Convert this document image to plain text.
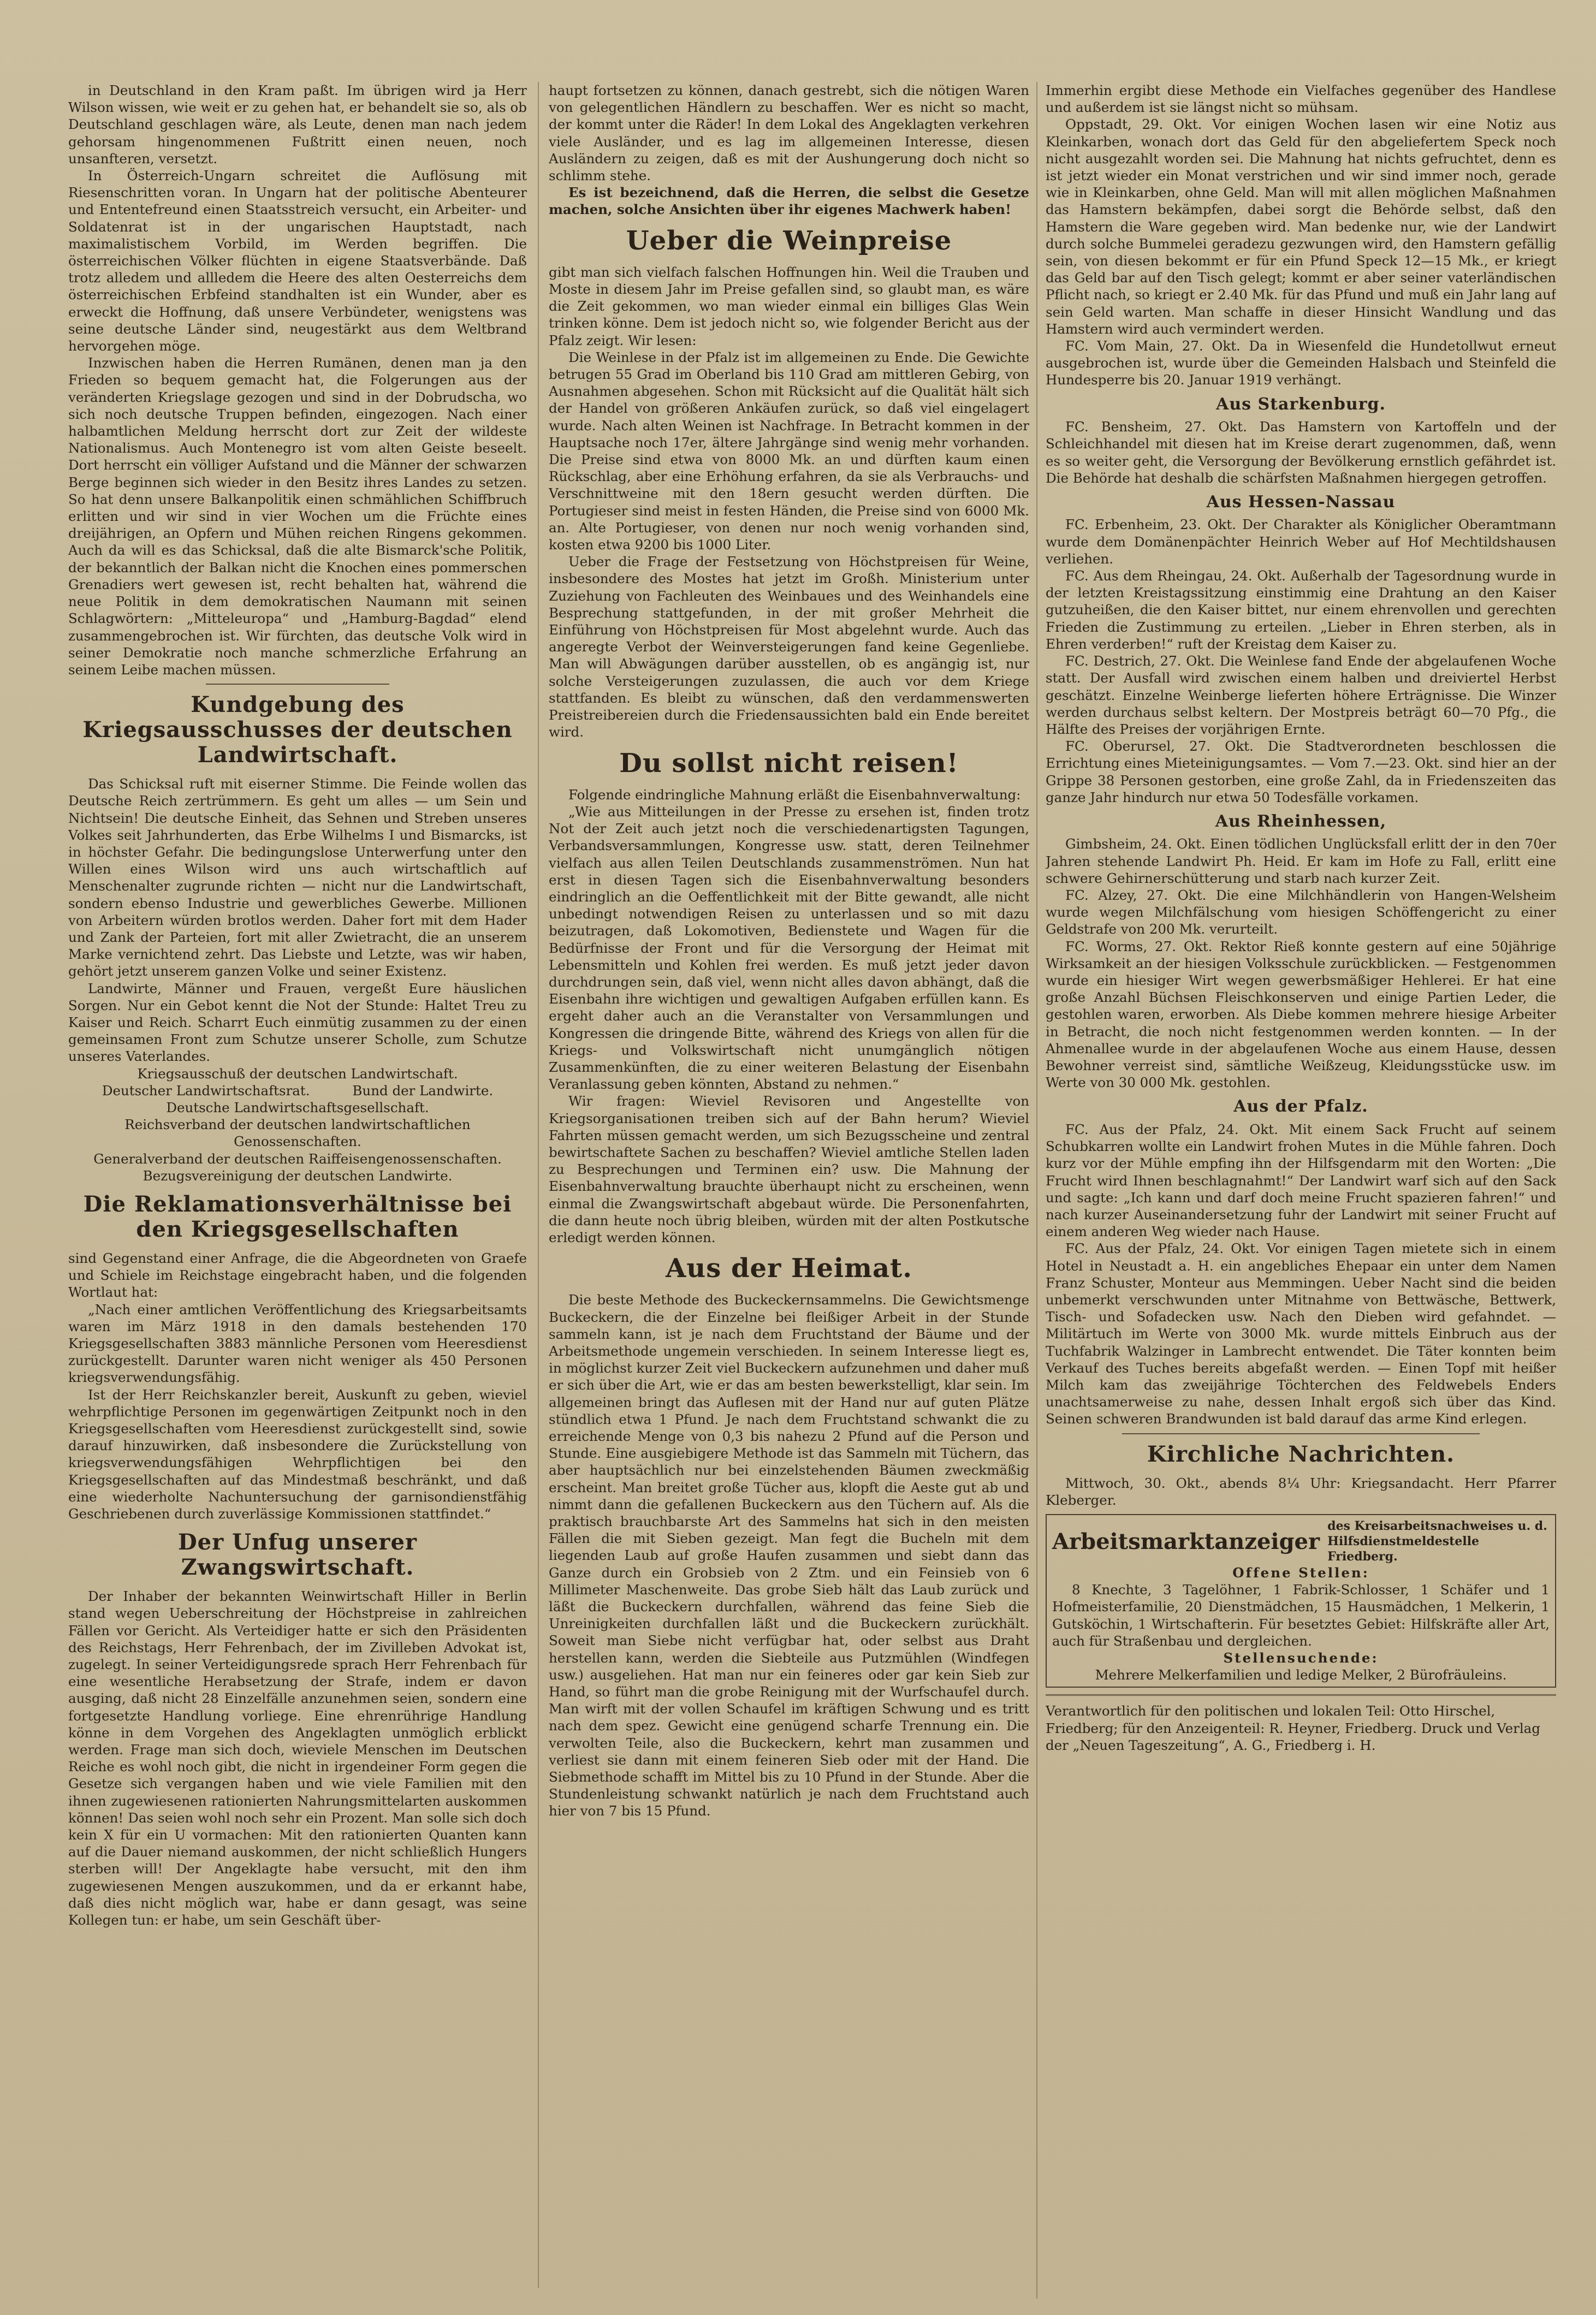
in Deutschland in den Kram paßt. Im übrigen wird ja Herr Wilson wissen, wie weit er zu gehen hat, er behandelt sie so, als ob Deutschland geschlagen wäre, als Leute, denen man nach jedem gehorsam hingenommenen Fußtritt einen neuen, noch unsanfteren, versetzt.

In Österreich-Ungarn schreitet die Auflösung mit Riesenschritten voran. In Ungarn hat der politische Abenteurer und Ententefreund einen Staatsstreich versucht, ein Arbeiter- und Soldatenrat ist in der ungarischen Hauptstadt, nach maximalistischem Vorbild, im Werden begriffen. Die österreichischen Völker flüchten in eigene Staatsverbände. Daß trotz alledem und allledem die Heere des alten Oesterreichs dem österreichischen Erbfeind standhalten ist ein Wunder, aber es erweckt die Hoffnung, daß unsere Verbündeter, wenigstens was seine deutsche Länder sind, neugestärkt aus dem Weltbrand hervorgehen möge.

Inzwischen haben die Herren Rumänen, denen man ja den Frieden so bequem gemacht hat, die Folgerungen aus der veränderten Kriegslage gezogen und sind in der Dobrudscha, wo sich noch deutsche Truppen befinden, eingezogen. Nach einer halbamtlichen Meldung herrscht dort zur Zeit der wildeste Nationalismus. Auch Montenegro ist vom alten Geiste beseelt. Dort herrscht ein völliger Aufstand und die Männer der schwarzen Berge beginnen sich wieder in den Besitz ihres Landes zu setzen. So hat denn unsere Balkanpolitik einen schmählichen Schiffbruch erlitten und wir sind in vier Wochen um die Früchte eines dreijährigen, an Opfern und Mühen reichen Ringens gekommen. Auch da will es das Schicksal, daß die alte Bismarck'sche Politik, der bekanntlich der Balkan nicht die Knochen eines pommerschen Grenadiers wert gewesen ist, recht behalten hat, während die neue Politik in dem demokratischen Naumann mit seinen Schlagwörtern: „Mitteleuropa“ und „Hamburg-Bagdad“ elend zusammengebrochen ist. Wir fürchten, das deutsche Volk wird in seiner Demokratie noch manche schmerzliche Erfahrung an seinem Leibe machen müssen.

Kundgebung des Kriegsausschusses der deutschen Landwirtschaft.

Das Schicksal ruft mit eiserner Stimme. Die Feinde wollen das Deutsche Reich zertrümmern. Es geht um alles — um Sein und Nichtsein! Die deutsche Einheit, das Sehnen und Streben unseres Volkes seit Jahrhunderten, das Erbe Wilhelms I und Bismarcks, ist in höchster Gefahr. Die bedingungslose Unterwerfung unter den Willen eines Wilson wird uns auch wirtschaftlich auf Menschenalter zugrunde richten — nicht nur die Landwirtschaft, sondern ebenso Industrie und gewerbliches Gewerbe. Millionen von Arbeitern würden brotlos werden. Daher fort mit dem Hader und Zank der Parteien, fort mit aller Zwietracht, die an unserem Marke vernichtend zehrt. Das Liebste und Letzte, was wir haben, gehört jetzt unserem ganzen Volke und seiner Existenz.

Landwirte, Männer und Frauen, vergeßt Eure häuslichen Sorgen. Nur ein Gebot kennt die Not der Stunde: Haltet Treu zu Kaiser und Reich. Scharrt Euch einmütig zusammen zu der einen gemeinsamen Front zum Schutze unserer Scholle, zum Schutze unseres Vaterlandes.

Kriegsausschuß der deutschen Landwirtschaft.

Deutscher Landwirtschaftsrat.          Bund der Landwirte.

Deutsche Landwirtschaftsgesellschaft.

Reichsverband der deutschen landwirtschaftlichen Genossenschaften.

Generalverband der deutschen Raiffeisengenossenschaften.

Bezugsvereinigung der deutschen Landwirte.

Die Reklamationsverhältnisse bei den Kriegsgesellschaften

sind Gegenstand einer Anfrage, die die Abgeordneten von Graefe und Schiele im Reichstage eingebracht haben, und die folgenden Wortlaut hat:

„Nach einer amtlichen Veröffentlichung des Kriegsarbeitsamts waren im März 1918 in den damals bestehenden 170 Kriegsgesellschaften 3883 männliche Personen vom Heeresdienst zurückgestellt. Darunter waren nicht weniger als 450 Personen kriegsverwendungsfähig.

Ist der Herr Reichskanzler bereit, Auskunft zu geben, wieviel wehrpflichtige Personen im gegenwärtigen Zeitpunkt noch in den Kriegsgesellschaften vom Heeresdienst zurückgestellt sind, sowie darauf hinzuwirken, daß insbesondere die Zurückstellung von kriegsverwendungsfähigen Wehrpflichtigen bei den Kriegsgesellschaften auf das Mindestmaß beschränkt, und daß eine wiederholte Nachuntersuchung der garnisondienstfähig Geschriebenen durch zuverlässige Kommissionen stattfindet.“

Der Unfug unserer Zwangswirtschaft.

Der Inhaber der bekannten Weinwirtschaft Hiller in Berlin stand wegen Ueberschreitung der Höchstpreise in zahlreichen Fällen vor Gericht. Als Verteidiger hatte er sich den Präsidenten des Reichstags, Herr Fehrenbach, der im Zivilleben Advokat ist, zugelegt. In seiner Verteidigungsrede sprach Herr Fehrenbach für eine wesentliche Herabsetzung der Strafe, indem er davon ausging, daß nicht 28 Einzelfälle anzunehmen seien, sondern eine fortgesetzte Handlung vorliege. Eine ehrenrührige Handlung könne in dem Vorgehen des Angeklagten unmöglich erblickt werden. Frage man sich doch, wieviele Menschen im Deutschen Reiche es wohl noch gibt, die nicht in irgendeiner Form gegen die Gesetze sich vergangen haben und wie viele Familien mit den ihnen zugewiesenen rationierten Nahrungsmittelarten auskommen können! Das seien wohl noch sehr ein Prozent. Man solle sich doch kein X für ein U vormachen: Mit den rationierten Quanten kann auf die Dauer niemand auskommen, der nicht schließlich Hungers sterben will! Der Angeklagte habe versucht, mit den ihm zugewiesenen Mengen auszukommen, und da er erkannt habe, daß dies nicht möglich war, habe er dann gesagt, was seine Kollegen tun: er habe, um sein Geschäft über-

haupt fortsetzen zu können, danach gestrebt, sich die nötigen Waren von gelegentlichen Händlern zu beschaffen. Wer es nicht so macht, der kommt unter die Räder! In dem Lokal des Angeklagten verkehren viele Ausländer, und es lag im allgemeinen Interesse, diesen Ausländern zu zeigen, daß es mit der Aushungerung doch nicht so schlimm stehe.

Es ist bezeichnend, daß die Herren, die selbst die Gesetze machen, solche Ansichten über ihr eigenes Machwerk haben!

Ueber die Weinpreise

gibt man sich vielfach falschen Hoffnungen hin. Weil die Trauben und Moste in diesem Jahr im Preise gefallen sind, so glaubt man, es wäre die Zeit gekommen, wo man wieder einmal ein billiges Glas Wein trinken könne. Dem ist jedoch nicht so, wie folgender Bericht aus der Pfalz zeigt. Wir lesen:

Die Weinlese in der Pfalz ist im allgemeinen zu Ende. Die Gewichte betrugen 55 Grad im Oberland bis 110 Grad am mittleren Gebirg, von Ausnahmen abgesehen. Schon mit Rücksicht auf die Qualität hält sich der Handel von größeren Ankäufen zurück, so daß viel eingelagert wurde. Nach alten Weinen ist Nachfrage. In Betracht kommen in der Hauptsache noch 17er, ältere Jahrgänge sind wenig mehr vorhanden. Die Preise sind etwa von 8000 Mk. an und dürften kaum einen Rückschlag, aber eine Erhöhung erfahren, da sie als Verbrauchs- und Verschnittweine mit den 18ern gesucht werden dürften. Die Portugieser sind meist in festen Händen, die Preise sind von 6000 Mk. an. Alte Portugieser, von denen nur noch wenig vorhanden sind, kosten etwa 9200 bis 1000 Liter.

Ueber die Frage der Festsetzung von Höchstpreisen für Weine, insbesondere des Mostes hat jetzt im Großh. Ministerium unter Zuziehung von Fachleuten des Weinbaues und des Weinhandels eine Besprechung stattgefunden, in der mit großer Mehrheit die Einführung von Höchstpreisen für Most abgelehnt wurde. Auch das angeregte Verbot der Weinversteigerungen fand keine Gegenliebe. Man will Abwägungen darüber ausstellen, ob es angängig ist, nur solche Versteigerungen zuzulassen, die auch vor dem Kriege stattfanden. Es bleibt zu wünschen, daß den verdammenswerten Preistreibereien durch die Friedensaussichten bald ein Ende bereitet wird.

Du sollst nicht reisen!

Folgende eindringliche Mahnung erläßt die Eisenbahnverwaltung:

„Wie aus Mitteilungen in der Presse zu ersehen ist, finden trotz Not der Zeit auch jetzt noch die verschiedenartigsten Tagungen, Verbandsversammlungen, Kongresse usw. statt, deren Teilnehmer vielfach aus allen Teilen Deutschlands zusammenströmen. Nun hat erst in diesen Tagen sich die Eisenbahnverwaltung besonders eindringlich an die Oeffentlichkeit mit der Bitte gewandt, alle nicht unbedingt notwendigen Reisen zu unterlassen und so mit dazu beizutragen, daß Lokomotiven, Bedienstete und Wagen für die Bedürfnisse der Front und für die Versorgung der Heimat mit Lebensmitteln und Kohlen frei werden. Es muß jetzt jeder davon durchdrungen sein, daß viel, wenn nicht alles davon abhängt, daß die Eisenbahn ihre wichtigen und gewaltigen Aufgaben erfüllen kann. Es ergeht daher auch an die Veranstalter von Versammlungen und Kongressen die dringende Bitte, während des Kriegs von allen für die Kriegs- und Volkswirtschaft nicht unumgänglich nötigen Zusammenkünften, die zu einer weiteren Belastung der Eisenbahn Veranlassung geben könnten, Abstand zu nehmen.“

Wir fragen: Wieviel Revisoren und Angestellte von Kriegsorganisationen treiben sich auf der Bahn herum? Wieviel Fahrten müssen gemacht werden, um sich Bezugsscheine und zentral bewirtschaftete Sachen zu beschaffen? Wieviel amtliche Stellen laden zu Besprechungen und Terminen ein? usw. Die Mahnung der Eisenbahnverwaltung brauchte überhaupt nicht zu erscheinen, wenn einmal die Zwangswirtschaft abgebaut würde. Die Personenfahrten, die dann heute noch übrig bleiben, würden mit der alten Postkutsche erledigt werden können.

Aus der Heimat.

Die beste Methode des Buckeckernsammelns. Die Gewichtsmenge Buckeckern, die der Einzelne bei fleißiger Arbeit in der Stunde sammeln kann, ist je nach dem Fruchtstand der Bäume und der Arbeitsmethode ungemein verschieden. In seinem Interesse liegt es, in möglichst kurzer Zeit viel Buckeckern aufzunehmen und daher muß er sich über die Art, wie er das am besten bewerkstelligt, klar sein. Im allgemeinen bringt das Auflesen mit der Hand nur auf guten Plätze stündlich etwa 1 Pfund. Je nach dem Fruchtstand schwankt die zu erreichende Menge von 0,3 bis nahezu 2 Pfund auf die Person und Stunde. Eine ausgiebigere Methode ist das Sammeln mit Tüchern, das aber hauptsächlich nur bei einzelstehenden Bäumen zweckmäßig erscheint. Man breitet große Tücher aus, klopft die Aeste gut ab und nimmt dann die gefallenen Buckeckern aus den Tüchern auf. Als die praktisch brauchbarste Art des Sammelns hat sich in den meisten Fällen die mit Sieben gezeigt. Man fegt die Bucheln mit dem liegenden Laub auf große Haufen zusammen und siebt dann das Ganze durch ein Grobsieb von 2 Ztm. und ein Feinsieb von 6 Millimeter Maschenweite. Das grobe Sieb hält das Laub zurück und läßt die Buckeckern durchfallen, während das feine Sieb die Unreinigkeiten durchfallen läßt und die Buckeckern zurückhält. Soweit man Siebe nicht verfügbar hat, oder selbst aus Draht herstellen kann, werden die Siebteile aus Putzmühlen (Windfegen usw.) ausgeliehen. Hat man nur ein feineres oder gar kein Sieb zur Hand, so führt man die grobe Reinigung mit der Wurfschaufel durch. Man wirft mit der vollen Schaufel im kräftigen Schwung und es tritt nach dem spez. Gewicht eine genügend scharfe Trennung ein. Die verwolten Teile, also die Buckeckern, kehrt man zusammen und verliest sie dann mit einem feineren Sieb oder mit der Hand. Die Siebmethode schafft im Mittel bis zu 10 Pfund in der Stunde. Aber die Stundenleistung schwankt natürlich je nach dem Fruchtstand auch hier von 7 bis 15 Pfund.

Immerhin ergibt diese Methode ein Vielfaches gegenüber des Handlese und außerdem ist sie längst nicht so mühsam.

Oppstadt, 29. Okt. Vor einigen Wochen lasen wir eine Notiz aus Kleinkarben, wonach dort das Geld für den abgeliefertem Speck noch nicht ausgezahlt worden sei. Die Mahnung hat nichts gefruchtet, denn es ist jetzt wieder ein Monat verstrichen und wir sind immer noch, gerade wie in Kleinkarben, ohne Geld. Man will mit allen möglichen Maßnahmen das Hamstern bekämpfen, dabei sorgt die Behörde selbst, daß den Hamstern die Ware gegeben wird. Man bedenke nur, wie der Landwirt durch solche Bummelei geradezu gezwungen wird, den Hamstern gefällig sein, von diesen bekommt er für ein Pfund Speck 12—15 Mk., er kriegt das Geld bar auf den Tisch gelegt; kommt er aber seiner vaterländischen Pflicht nach, so kriegt er 2.40 Mk. für das Pfund und muß ein Jahr lang auf sein Geld warten. Man schaffe in dieser Hinsicht Wandlung und das Hamstern wird auch vermindert werden.

FC. Vom Main, 27. Okt. Da in Wiesenfeld die Hundetollwut erneut ausgebrochen ist, wurde über die Gemeinden Halsbach und Steinfeld die Hundesperre bis 20. Januar 1919 verhängt.

Aus Starkenburg.

FC. Bensheim, 27. Okt. Das Hamstern von Kartoffeln und der Schleichhandel mit diesen hat im Kreise derart zugenommen, daß, wenn es so weiter geht, die Versorgung der Bevölkerung ernstlich gefährdet ist. Die Behörde hat deshalb die schärfsten Maßnahmen hiergegen getroffen.

Aus Hessen-Nassau

FC. Erbenheim, 23. Okt. Der Charakter als Königlicher Oberamtmann wurde dem Domänenpächter Heinrich Weber auf Hof Mechtildshausen verliehen.

FC. Aus dem Rheingau, 24. Okt. Außerhalb der Tagesordnung wurde in der letzten Kreistagssitzung einstimmig eine Drahtung an den Kaiser gutzuheißen, die den Kaiser bittet, nur einem ehrenvollen und gerechten Frieden die Zustimmung zu erteilen. „Lieber in Ehren sterben, als in Ehren verderben!“ ruft der Kreistag dem Kaiser zu.

FC. Destrich, 27. Okt. Die Weinlese fand Ende der abgelaufenen Woche statt. Der Ausfall wird zwischen einem halben und dreiviertel Herbst geschätzt. Einzelne Weinberge lieferten höhere Erträgnisse. Die Winzer werden durchaus selbst keltern. Der Mostpreis beträgt 60—70 Pfg., die Hälfte des Preises der vorjährigen Ernte.

FC. Oberursel, 27. Okt. Die Stadtverordneten beschlossen die Errichtung eines Mieteinigungsamtes. — Vom 7.—23. Okt. sind hier an der Grippe 38 Personen gestorben, eine große Zahl, da in Friedenszeiten das ganze Jahr hindurch nur etwa 50 Todesfälle vorkamen.

Aus Rheinhessen,

Gimbsheim, 24. Okt. Einen tödlichen Unglücksfall erlitt der in den 70er Jahren stehende Landwirt Ph. Heid. Er kam im Hofe zu Fall, erlitt eine schwere Gehirnerschütterung und starb nach kurzer Zeit.

FC. Alzey, 27. Okt. Die eine Milchhändlerin von Hangen-Welsheim wurde wegen Milchfälschung vom hiesigen Schöffengericht zu einer Geldstrafe von 200 Mk. verurteilt.

FC. Worms, 27. Okt. Rektor Rieß konnte gestern auf eine 50jährige Wirksamkeit an der hiesigen Volksschule zurückblicken. — Festgenommen wurde ein hiesiger Wirt wegen gewerbsmäßiger Hehlerei. Er hat eine große Anzahl Büchsen Fleischkonserven und einige Partien Leder, die gestohlen waren, erworben. Als Diebe kommen mehrere hiesige Arbeiter in Betracht, die noch nicht festgenommen werden konnten. — In der Ahmenallee wurde in der abgelaufenen Woche aus einem Hause, dessen Bewohner verreist sind, sämtliche Weißzeug, Kleidungsstücke usw. im Werte von 30 000 Mk. gestohlen.

Aus der Pfalz.

FC. Aus der Pfalz, 24. Okt. Mit einem Sack Frucht auf seinem Schubkarren wollte ein Landwirt frohen Mutes in die Mühle fahren. Doch kurz vor der Mühle empfing ihn der Hilfsgendarm mit den Worten: „Die Frucht wird Ihnen beschlagnahmt!“ Der Landwirt warf sich auf den Sack und sagte: „Ich kann und darf doch meine Frucht spazieren fahren!“ und nach kurzer Auseinandersetzung fuhr der Landwirt mit seiner Frucht auf einem anderen Weg wieder nach Hause.

FC. Aus der Pfalz, 24. Okt. Vor einigen Tagen mietete sich in einem Hotel in Neustadt a. H. ein angebliches Ehepaar ein unter dem Namen Franz Schuster, Monteur aus Memmingen. Ueber Nacht sind die beiden unbemerkt verschwunden unter Mitnahme von Bettwäsche, Bettwerk, Tisch- und Sofadecken usw. Nach den Dieben wird gefahndet. — Militärtuch im Werte von 3000 Mk. wurde mittels Einbruch aus der Tuchfabrik Walzinger in Lambrecht entwendet. Die Täter konnten beim Verkauf des Tuches bereits abgefaßt werden. — Einen Topf mit heißer Milch kam das zweijährige Töchterchen des Feldwebels Enders unachtsamerweise zu nahe, dessen Inhalt ergoß sich über das Kind. Seinen schweren Brandwunden ist bald darauf das arme Kind erlegen.

Kirchliche Nachrichten.

Mittwoch, 30. Okt., abends 8¼ Uhr: Kriegsandacht. Herr Pfarrer Kleberger.

Arbeitsmarktanzeiger
des Kreisarbeitsnachweises u. d. Hilfsdienstmeldestelle Friedberg.

Offene Stellen:

8 Knechte, 3 Tagelöhner, 1 Fabrik-Schlosser, 1 Schäfer und 1 Hofmeisterfamilie, 20 Dienstmädchen, 15 Hausmädchen, 1 Melkerin, 1 Gutsköchin, 1 Wirtschafterin. Für besetztes Gebiet: Hilfskräfte aller Art, auch für Straßenbau und dergleichen.

Stellensuchende:

Mehrere Melkerfamilien und ledige Melker, 2 Bürofräuleins.

Verantwortlich für den politischen und lokalen Teil: Otto Hirschel, Friedberg; für den Anzeigenteil: R. Heyner, Friedberg. Druck und Verlag der „Neuen Tageszeitung“, A. G., Friedberg i. H.
